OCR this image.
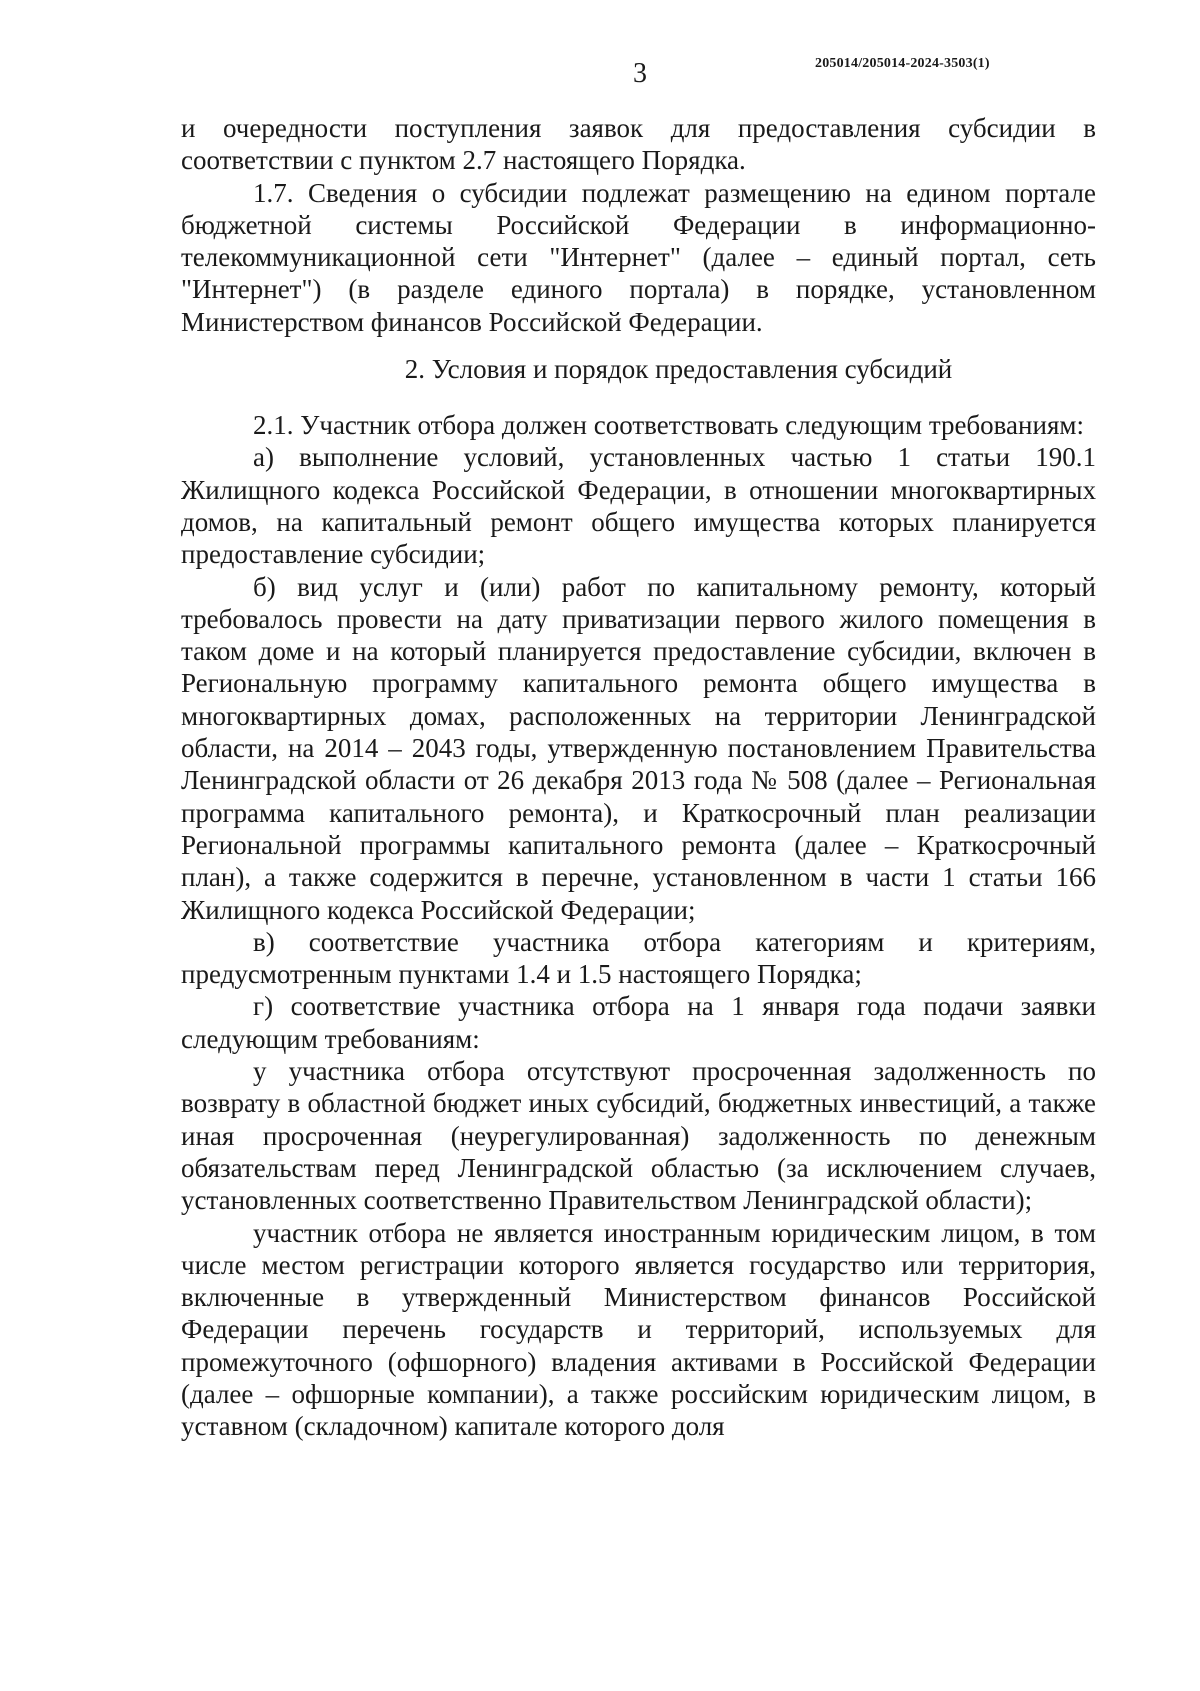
3	205014/205014-2024-3503(1)

и очередности поступления заявок для предоставления субсидии в соответствии с пунктом 2.7 настоящего Порядка.

1.7. Сведения о субсидии подлежат размещению на едином портале бюджетной системы Российской Федерации в информационно-телекоммуникационной сети "Интернет" (далее – единый портал, сеть "Интернет") (в разделе единого портала) в порядке, установленном Министерством финансов Российской Федерации.

2. Условия и порядок предоставления субсидий

2.1. Участник отбора должен соответствовать следующим требованиям:

а) выполнение условий, установленных частью 1 статьи 190.1 Жилищного кодекса Российской Федерации, в отношении многоквартирных домов, на капитальный ремонт общего имущества которых планируется предоставление субсидии;

б) вид услуг и (или) работ по капитальному ремонту, который требовалось провести на дату приватизации первого жилого помещения в таком доме и на который планируется предоставление субсидии, включен в Региональную программу капитального ремонта общего имущества в многоквартирных домах, расположенных на территории Ленинградской области, на 2014 – 2043 годы, утвержденную постановлением Правительства Ленинградской области от 26 декабря 2013 года № 508 (далее – Региональная программа капитального ремонта), и Краткосрочный план реализации Региональной программы капитального ремонта (далее – Краткосрочный план), а также содержится в перечне, установленном в части 1 статьи 166 Жилищного кодекса Российской Федерации;

в) соответствие участника отбора категориям и критериям, предусмотренным пунктами 1.4 и 1.5 настоящего Порядка;

г) соответствие участника отбора на 1 января года подачи заявки следующим требованиям:

у участника отбора отсутствуют просроченная задолженность по возврату в областной бюджет иных субсидий, бюджетных инвестиций, а также иная просроченная (неурегулированная) задолженность по денежным обязательствам перед Ленинградской областью (за исключением случаев, установленных соответственно Правительством Ленинградской области);

участник отбора не является иностранным юридическим лицом, в том числе местом регистрации которого является государство или территория, включенные в утвержденный Министерством финансов Российской Федерации перечень государств и территорий, используемых для промежуточного (офшорного) владения активами в Российской Федерации (далее – офшорные компании), а также российским юридическим лицом, в уставном (складочном) капитале которого доля
